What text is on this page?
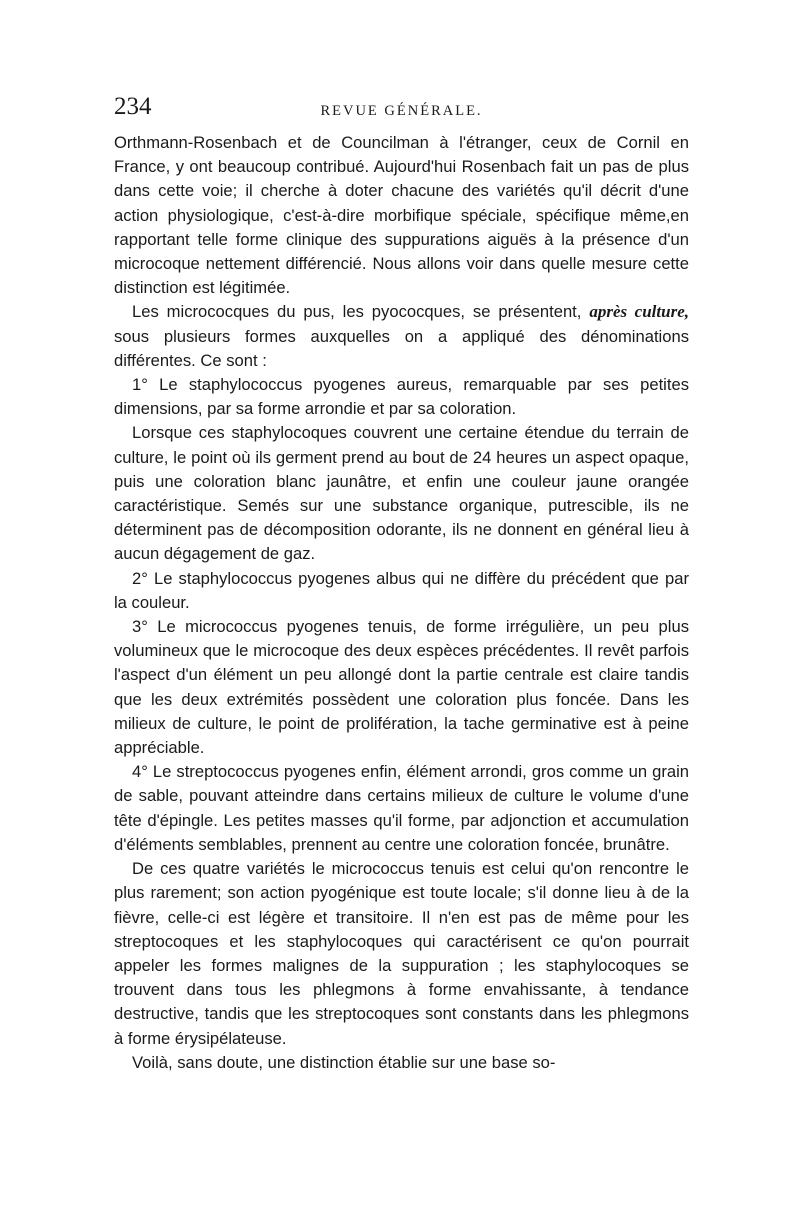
234	REVUE GÉNÉRALE.

Orthmann-Rosenbach et de Councilman à l'étranger, ceux de Cornil en France, y ont beaucoup contribué. Aujourd'hui Rosenbach fait un pas de plus dans cette voie; il cherche à doter chacune des variétés qu'il décrit d'une action physiologique, c'est-à-dire morbifique spéciale, spécifique même,en rapportant telle forme clinique des suppurations aiguës à la présence d'un microcoque nettement différencié. Nous allons voir dans quelle mesure cette distinction est légitimée.

Les micrococques du pus, les pyococques, se présentent, après culture, sous plusieurs formes auxquelles on a appliqué des dénominations différentes. Ce sont :

1° Le staphylococcus pyogenes aureus, remarquable par ses petites dimensions, par sa forme arrondie et par sa coloration.

Lorsque ces staphylocoques couvrent une certaine étendue du terrain de culture, le point où ils germent prend au bout de 24 heures un aspect opaque, puis une coloration blanc jaunâtre, et enfin une couleur jaune orangée caractéristique. Semés sur une substance organique, putrescible, ils ne déterminent pas de décomposition odorante, ils ne donnent en général lieu à aucun dégagement de gaz.

2° Le staphylococcus pyogenes albus qui ne diffère du précédent que par la couleur.

3° Le micrococcus pyogenes tenuis, de forme irrégulière, un peu plus volumineux que le microcoque des deux espèces précédentes. Il revêt parfois l'aspect d'un élément un peu allongé dont la partie centrale est claire tandis que les deux extrémités possèdent une coloration plus foncée. Dans les milieux de culture, le point de prolifération, la tache germinative est à peine appréciable.

4° Le streptococcus pyogenes enfin, élément arrondi, gros comme un grain de sable, pouvant atteindre dans certains milieux de culture le volume d'une tête d'épingle. Les petites masses qu'il forme, par adjonction et accumulation d'éléments semblables, prennent au centre une coloration foncée, brunâtre.

De ces quatre variétés le micrococcus tenuis est celui qu'on rencontre le plus rarement; son action pyogénique est toute locale; s'il donne lieu à de la fièvre, celle-ci est légère et transitoire. Il n'en est pas de même pour les streptocoques et les staphylocoques qui caractérisent ce qu'on pourrait appeler les formes malignes de la suppuration ; les staphylocoques se trouvent dans tous les phlegmons à forme envahissante, à tendance destructive, tandis que les streptocoques sont constants dans les phlegmons à forme érysipélateuse.

Voilà, sans doute, une distinction établie sur une base so-
